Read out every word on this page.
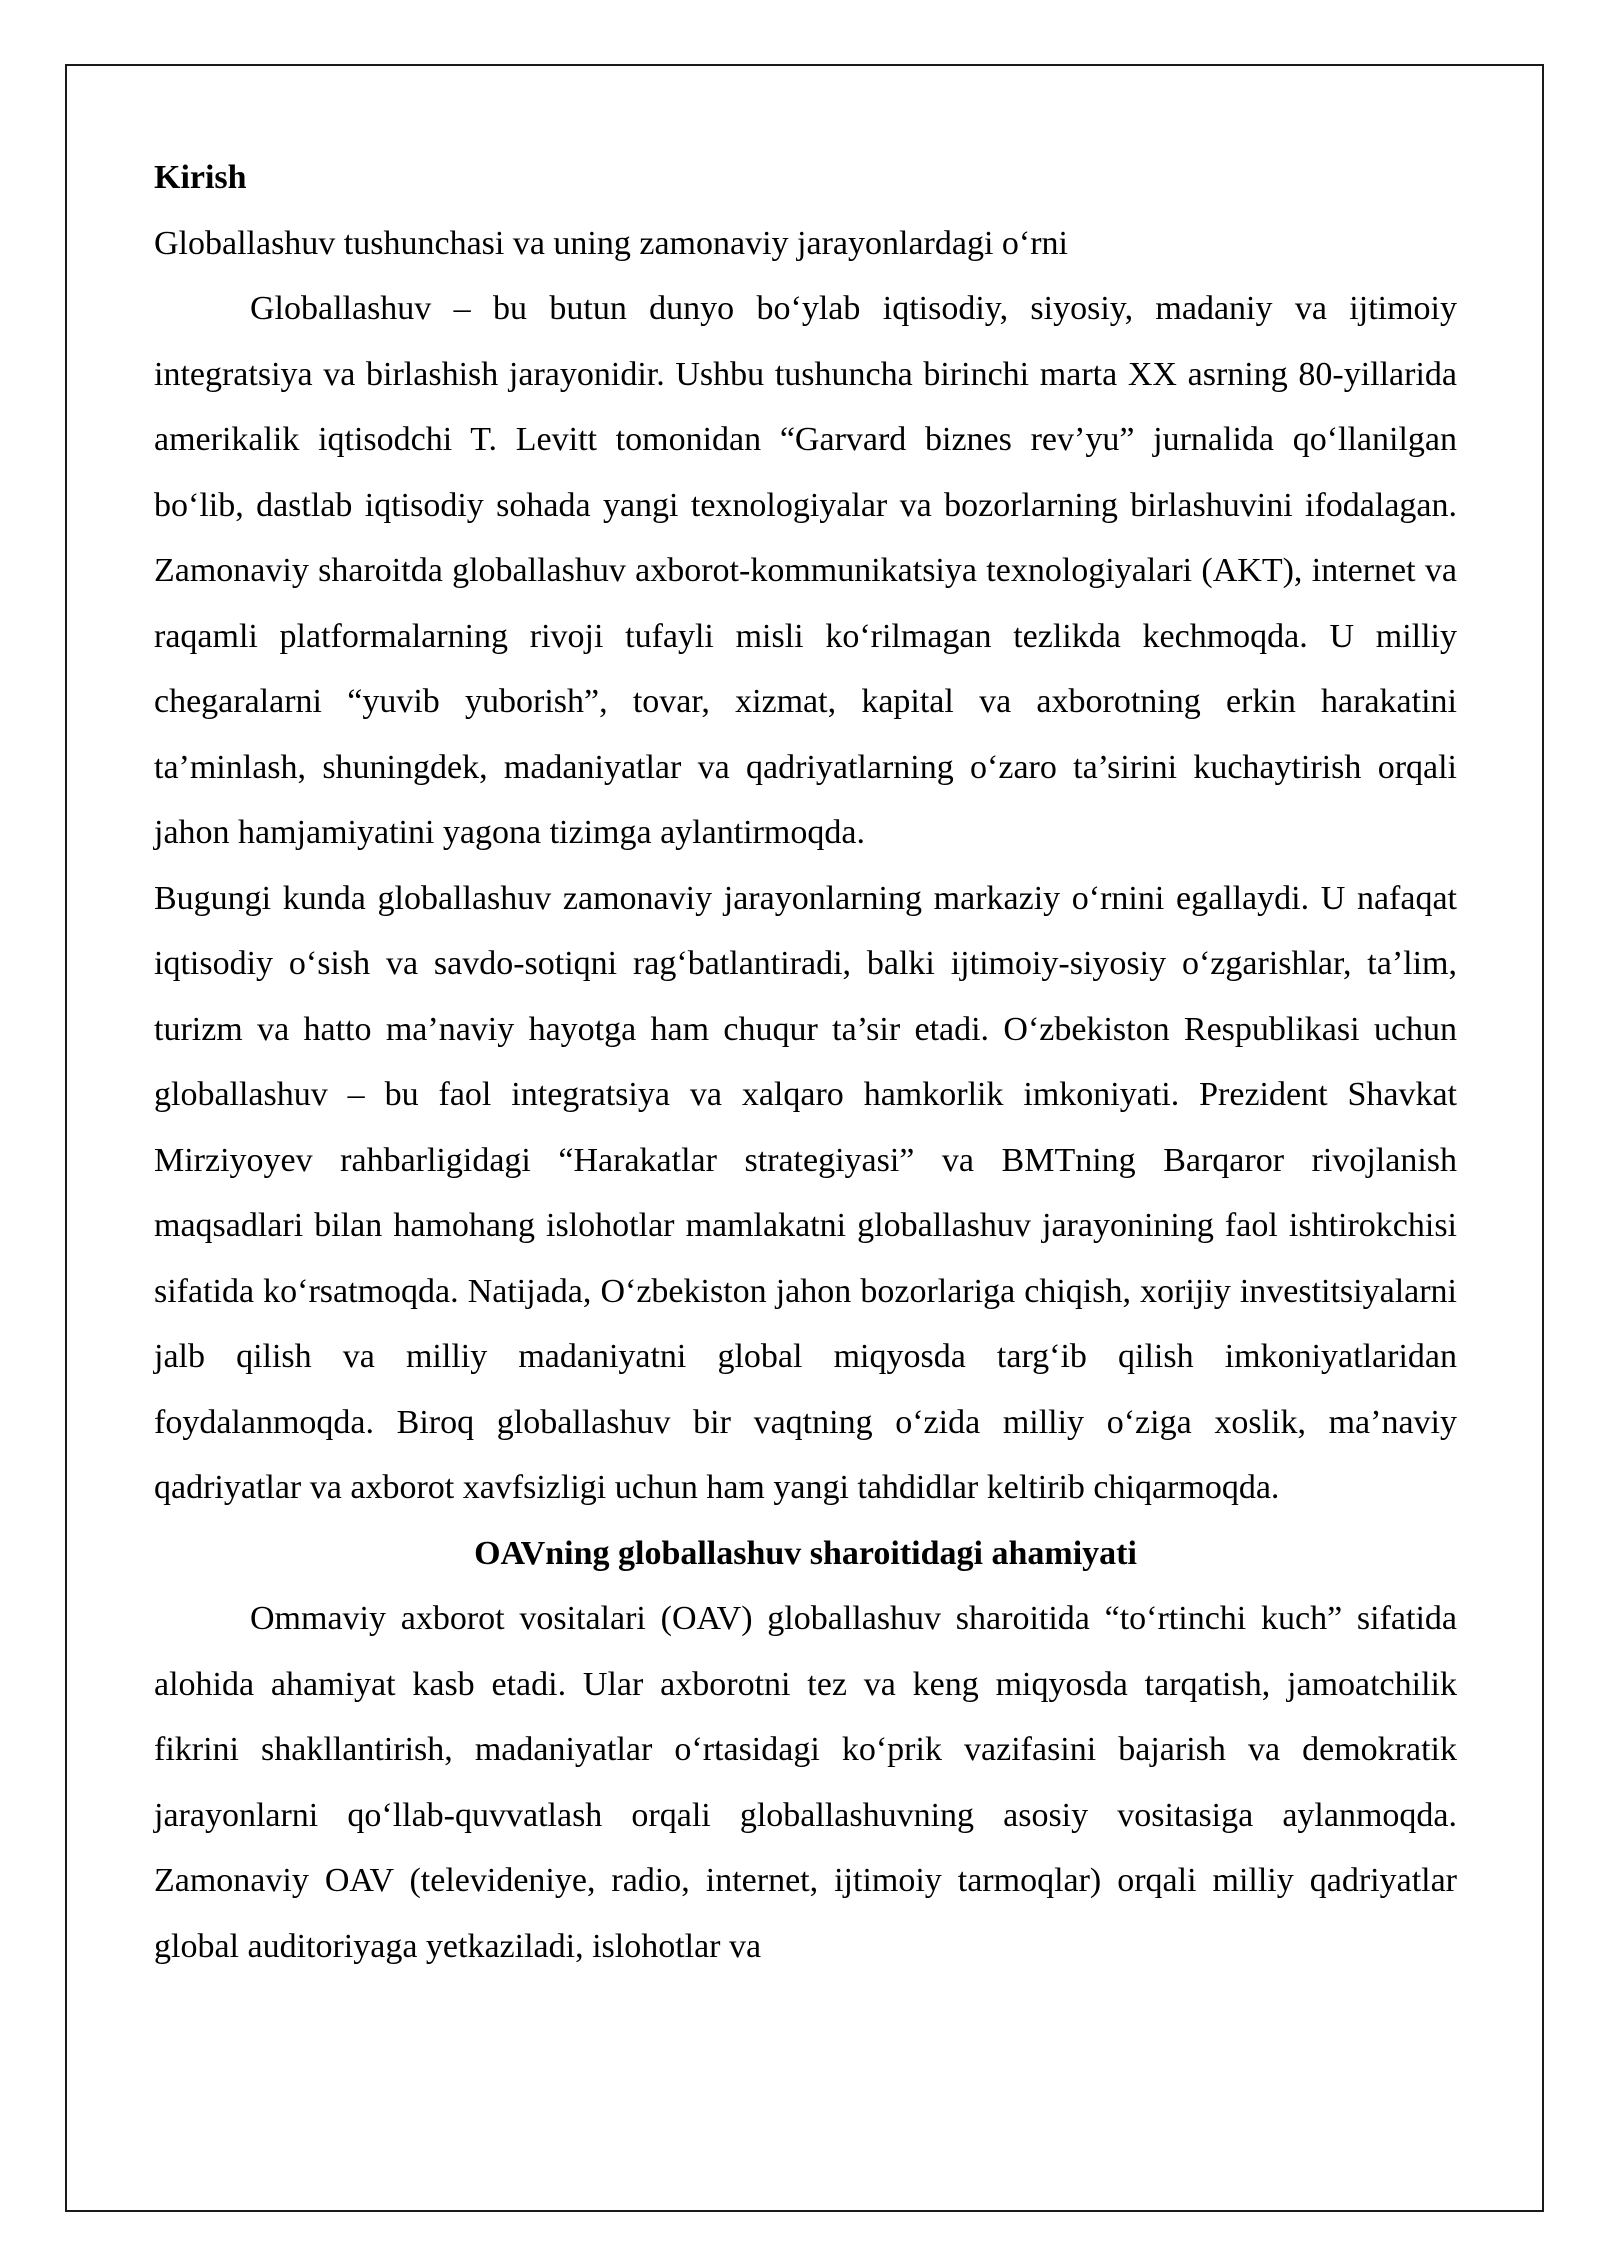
Kirish

Globallashuv tushunchasi va uning zamonaviy jarayonlardagi o‘rni

Globallashuv – bu butun dunyo bo‘ylab iqtisodiy, siyosiy, madaniy va ijtimoiy integratsiya va birlashish jarayonidir. Ushbu tushuncha birinchi marta XX asrning 80-yillarida amerikalik iqtisodchi T. Levitt tomonidan “Garvard biznes rev’yu” jurnalida qo‘llanilgan bo‘lib, dastlab iqtisodiy sohada yangi texnologiyalar va bozorlarning birlashuvini ifodalagan. Zamonaviy sharoitda globallashuv axborot-kommunikatsiya texnologiyalari (AKT), internet va raqamli platformalarning rivoji tufayli misli ko‘rilmagan tezlikda kechmoqda. U milliy chegaralarni “yuvib yuborish”, tovar, xizmat, kapital va axborotning erkin harakatini ta’minlash, shuningdek, madaniyatlar va qadriyatlarning o‘zaro ta’sirini kuchaytirish orqali jahon hamjamiyatini yagona tizimga aylantirmoqda.

Bugungi kunda globallashuv zamonaviy jarayonlarning markaziy o‘rnini egallaydi. U nafaqat iqtisodiy o‘sish va savdo-sotiqni rag‘batlantiradi, balki ijtimoiy-siyosiy o‘zgarishlar, ta’lim, turizm va hatto ma’naviy hayotga ham chuqur ta’sir etadi. O‘zbekiston Respublikasi uchun globallashuv – bu faol integratsiya va xalqaro hamkorlik imkoniyati. Prezident Shavkat Mirziyoyev rahbarligidagi “Harakatlar strategiyasi” va BMTning Barqaror rivojlanish maqsadlari bilan hamohang islohotlar mamlakatni globallashuv jarayonining faol ishtirokchisi sifatida ko‘rsatmoqda. Natijada, O‘zbekiston jahon bozorlariga chiqish, xorijiy investitsiyalarni jalb qilish va milliy madaniyatni global miqyosda targ‘ib qilish imkoniyatlaridan foydalanmoqda. Biroq globallashuv bir vaqtning o‘zida milliy o‘ziga xoslik, ma’naviy qadriyatlar va axborot xavfsizligi uchun ham yangi tahdidlar keltirib chiqarmoqda.

OAVning globallashuv sharoitidagi ahamiyati

Ommaviy axborot vositalari (OAV) globallashuv sharoitida “to‘rtinchi kuch” sifatida alohida ahamiyat kasb etadi. Ular axborotni tez va keng miqyosda tarqatish, jamoatchilik fikrini shakllantirish, madaniyatlar o‘rtasidagi ko‘prik vazifasini bajarish va demokratik jarayonlarni qo‘llab-quvvatlash orqali globallashuvning asosiy vositasiga aylanmoqda. Zamonaviy OAV (televideniye, radio, internet, ijtimoiy tarmoqlar) orqali milliy qadriyatlar global auditoriyaga yetkaziladi, islohotlar va
